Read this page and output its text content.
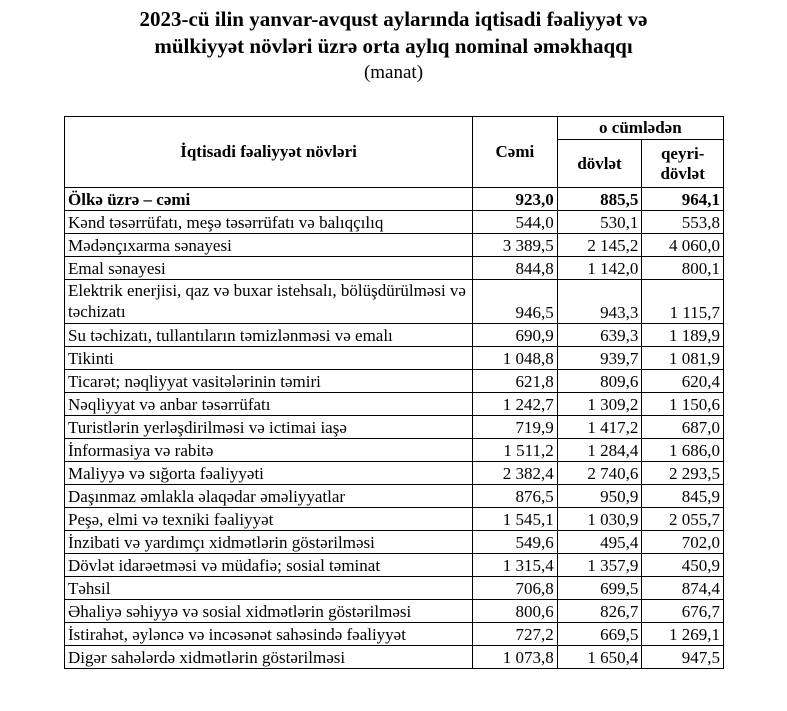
2023-cü ilin yanvar-avqust aylarında iqtisadi fəaliyyət və
mülkiyyət növləri üzrə orta aylıq nominal əməkhaqqı
(manat)
İqtisadi fəaliyyət növləri	Cəmi	o cümlədən	
		dövlət	qeyri-dövlət
Ölkə üzrə – cəmi	923,0	885,5	964,1
Kənd təsərrüfatı, meşə təsərrüfatı və balıqçılıq	544,0	530,1	553,8
Mədənçıxarma sənayesi	3 389,5	2 145,2	4 060,0
Emal sənayesi	844,8	1 142,0	800,1
Elektrik enerjisi, qaz və buxar istehsalı, bölüşdürülməsi və təchizatı	946,5	943,3	1 115,7
Su təchizatı, tullantıların təmizlənməsi və emalı	690,9	639,3	1 189,9
Tikinti	1 048,8	939,7	1 081,9
Ticarət; nəqliyyat vasitələrinin təmiri	621,8	809,6	620,4
Nəqliyyat və anbar təsərrüfatı	1 242,7	1 309,2	1 150,6
Turistlərin yerləşdirilməsi və ictimai iaşə	719,9	1 417,2	687,0
İnformasiya və rabitə	1 511,2	1 284,4	1 686,0
Maliyyə və sığorta fəaliyyəti	2 382,4	2 740,6	2 293,5
Daşınmaz əmlakla əlaqədar əməliyyatlar	876,5	950,9	845,9
Peşə, elmi və texniki fəaliyyət	1 545,1	1 030,9	2 055,7
İnzibati və yardımçı xidmətlərin göstərilməsi	549,6	495,4	702,0
Dövlət idarəetməsi və müdafiə; sosial təminat	1 315,4	1 357,9	450,9
Təhsil	706,8	699,5	874,4
Əhaliyə səhiyyə və sosial xidmətlərin göstərilməsi	800,6	826,7	676,7
İstirahət, əyləncə və incəsənət sahəsində fəaliyyət	727,2	669,5	1 269,1
Digər sahələrdə xidmətlərin göstərilməsi	1 073,8	1 650,4	947,5
